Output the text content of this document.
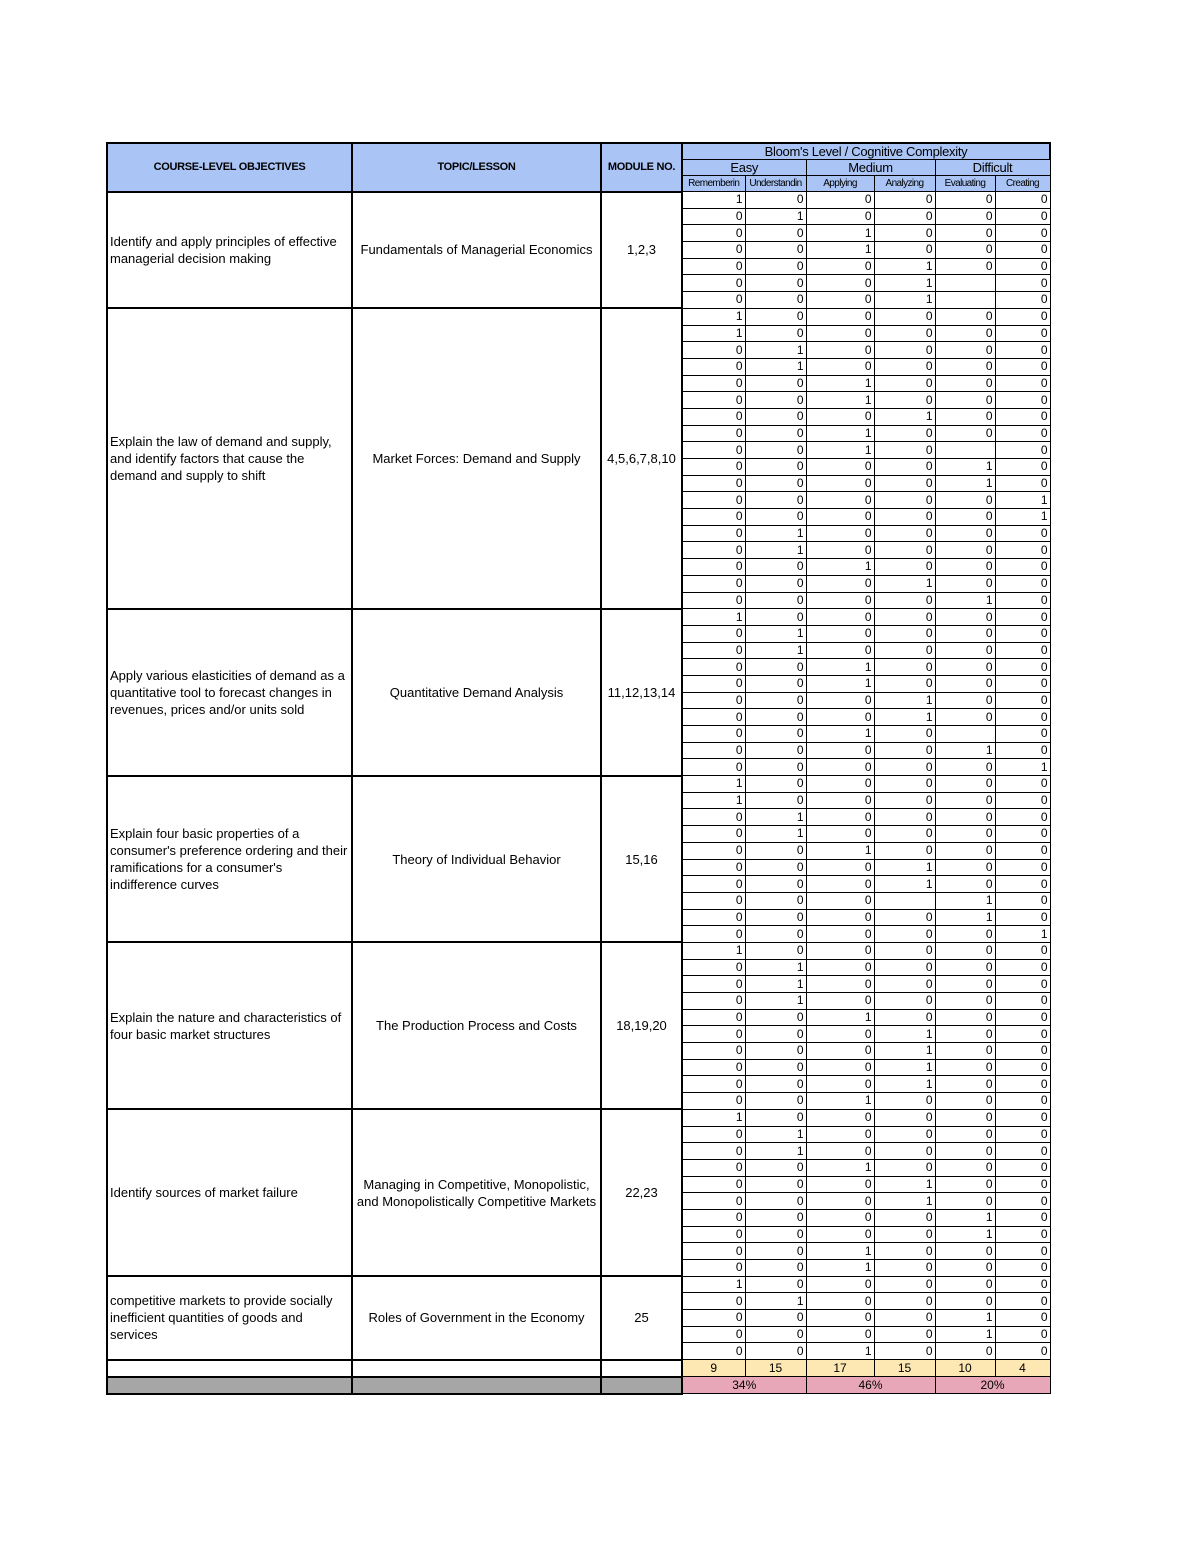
COURSE-LEVEL OBJECTIVES	TOPIC/LESSON	MODULE NO.	Bloom's Level / Cognitive Complexity					
			Easy		Medium		Difficult	
			Rememberin	Understandin	Applying	Analyzing	Evaluating	Creating
Identify and apply principles of effective managerial decision making	Fundamentals of Managerial Economics	1,2,3	1	0	0	0	0	0
			0	1	0	0	0	0
			0	0	1	0	0	0
			0	0	1	0	0	0
			0	0	0	1	0	0
			0	0	0	1		0
			0	0	0	1		0
Explain the law of demand and supply, and identify factors that cause the demand and supply to shift	Market Forces: Demand and Supply	4,5,6,7,8,10	1	0	0	0	0	0
			1	0	0	0	0	0
			0	1	0	0	0	0
			0	1	0	0	0	0
			0	0	1	0	0	0
			0	0	1	0	0	0
			0	0	0	1	0	0
			0	0	1	0	0	0
			0	0	1	0		0
			0	0	0	0	1	0
			0	0	0	0	1	0
			0	0	0	0	0	1
			0	0	0	0	0	1
			0	1	0	0	0	0
			0	1	0	0	0	0
			0	0	1	0	0	0
			0	0	0	1	0	0
			0	0	0	0	1	0
Apply various elasticities of demand as a quantitative tool to forecast changes in revenues, prices and/or units sold	Quantitative Demand Analysis	11,12,13,14	1	0	0	0	0	0
			0	1	0	0	0	0
			0	1	0	0	0	0
			0	0	1	0	0	0
			0	0	1	0	0	0
			0	0	0	1	0	0
			0	0	0	1	0	0
			0	0	1	0		0
			0	0	0	0	1	0
			0	0	0	0	0	1
Explain four basic properties of a consumer's preference ordering and their ramifications for a consumer's indifference curves	Theory of Individual Behavior	15,16	1	0	0	0	0	0
			1	0	0	0	0	0
			0	1	0	0	0	0
			0	1	0	0	0	0
			0	0	1	0	0	0
			0	0	0	1	0	0
			0	0	0	1	0	0
			0	0	0		1	0
			0	0	0	0	1	0
			0	0	0	0	0	1
Explain the nature and characteristics of four basic market structures	The Production Process and Costs	18,19,20	1	0	0	0	0	0
			0	1	0	0	0	0
			0	1	0	0	0	0
			0	1	0	0	0	0
			0	0	1	0	0	0
			0	0	0	1	0	0
			0	0	0	1	0	0
			0	0	0	1	0	0
			0	0	0	1	0	0
			0	0	1	0	0	0
Identify sources of market failure	Managing in Competitive, Monopolistic, and Monopolistically Competitive Markets	22,23	1	0	0	0	0	0
			0	1	0	0	0	0
			0	1	0	0	0	0
			0	0	1	0	0	0
			0	0	0	1	0	0
			0	0	0	1	0	0
			0	0	0	0	1	0
			0	0	0	0	1	0
			0	0	1	0	0	0
			0	0	1	0	0	0
competitive markets to provide socially inefficient quantities of goods and services	Roles of Government in the Economy	25	1	0	0	0	0	0
			0	1	0	0	0	0
			0	0	0	0	1	0
			0	0	0	0	1	0
			0	0	1	0	0	0
			9	15	17	15	10	4
			34%		46%		20%	
